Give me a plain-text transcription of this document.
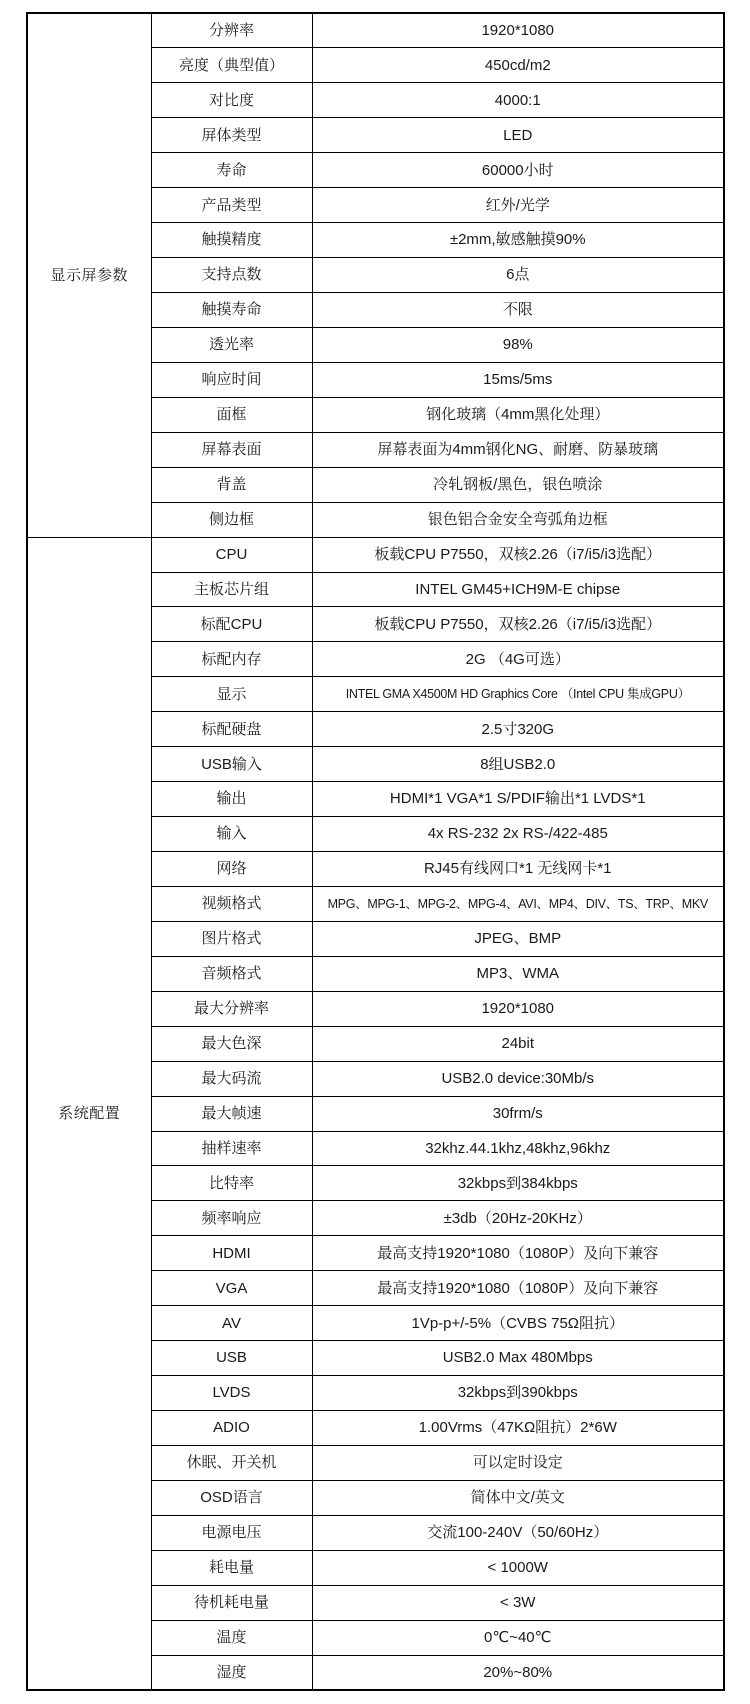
显示屏参数	分辨率	1920*1080
	亮度（典型值）	450cd/m2
	对比度	4000:1
	屏体类型	LED
	寿命	60000小时
	产品类型	红外/光学
	触摸精度	±2mm,敏感触摸90%
	支持点数	6点
	触摸寿命	不限
	透光率	98%
	响应时间	15ms/5ms
	面框	钢化玻璃（4mm黑化处理）
	屏幕表面	屏幕表面为4mm钢化NG、耐磨、防暴玻璃
	背盖	冷轧钢板/黑色，银色喷涂
	侧边框	银色铝合金安全弯弧角边框
系统配置	CPU	板载CPU P7550，双核2.26（i7/i5/i3选配）
	主板芯片组	INTEL GM45+ICH9M-E chipse
	标配CPU	板载CPU P7550，双核2.26（i7/i5/i3选配）
	标配内存	2G （4G可选）
	显示	INTEL GMA X4500M HD Graphics Core （Intel CPU 集成GPU）
	标配硬盘	2.5寸320G
	USB输入	8组USB2.0
	输出	HDMI*1 VGA*1 S/PDIF输出*1 LVDS*1
	输入	4x RS-232 2x RS-/422-485
	网络	RJ45有线网口*1 无线网卡*1
	视频格式	MPG、MPG-1、MPG-2、MPG-4、AVI、MP4、DIV、TS、TRP、MKV
	图片格式	JPEG、BMP
	音频格式	MP3、WMA
	最大分辨率	1920*1080
	最大色深	24bit
	最大码流	USB2.0 device:30Mb/s
	最大帧速	30frm/s
	抽样速率	32khz.44.1khz,48khz,96khz
	比特率	32kbps到384kbps
	频率响应	±3db（20Hz-20KHz）
	HDMI	最高支持1920*1080（1080P）及向下兼容
	VGA	最高支持1920*1080（1080P）及向下兼容
	AV	1Vp-p+/-5%（CVBS 75Ω阻抗）
	USB	USB2.0 Max 480Mbps
	LVDS	32kbps到390kbps
	ADIO	1.00Vrms（47KΩ阻抗）2*6W
	休眠、开关机	可以定时设定
	OSD语言	简体中文/英文
	电源电压	交流100-240V（50/60Hz）
	耗电量	< 1000W
	待机耗电量	< 3W
	温度	0℃~40℃
	湿度	20%~80%
